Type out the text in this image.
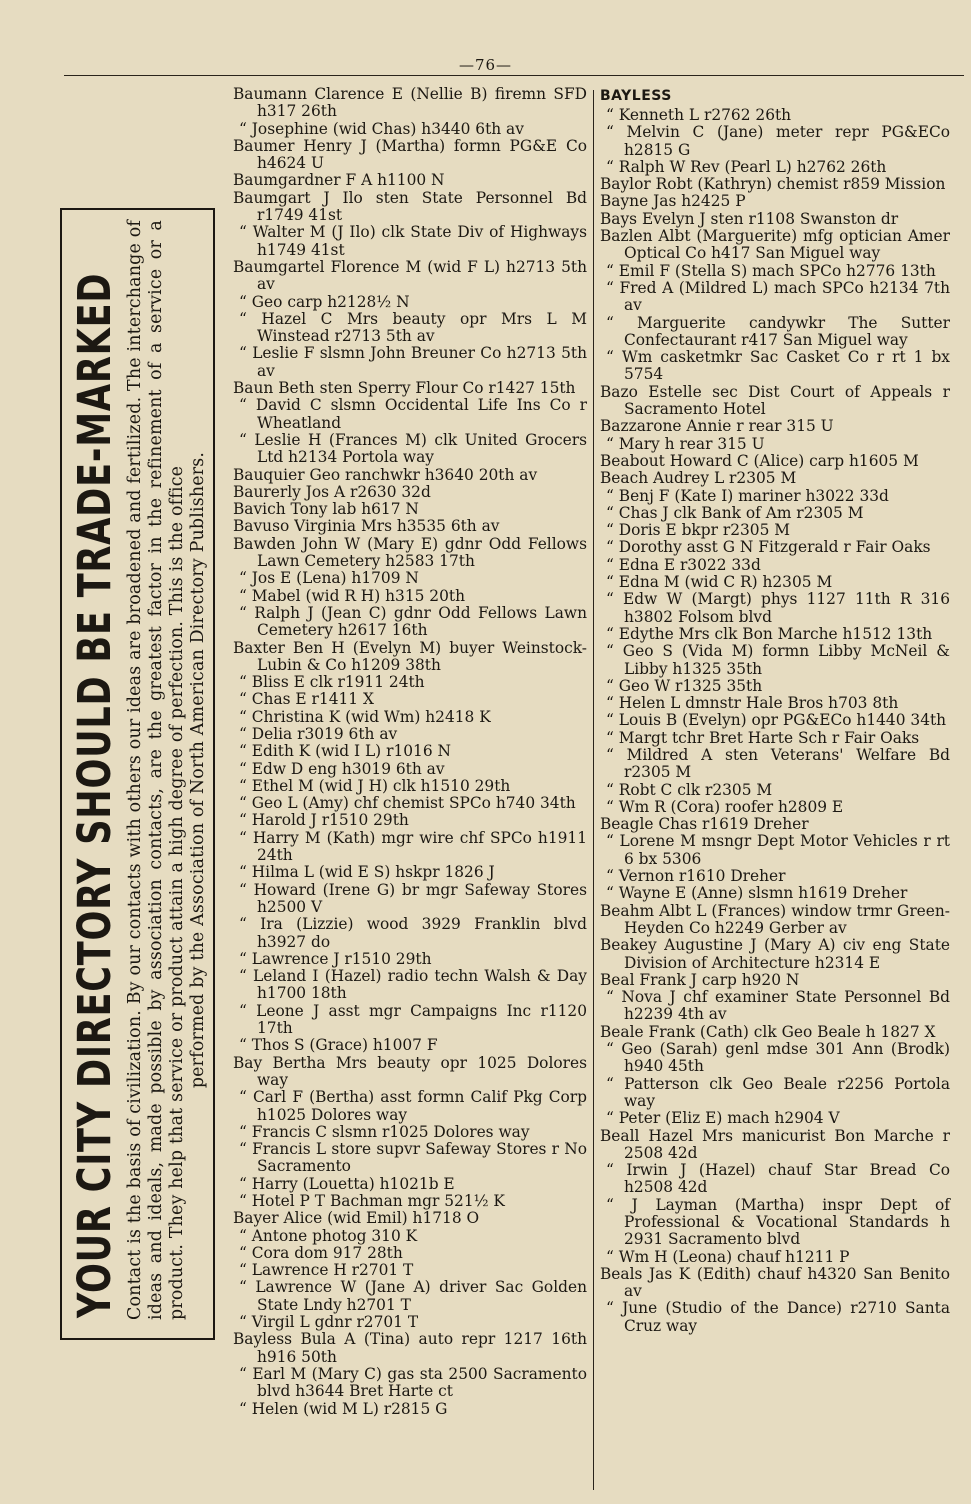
—76—
YOUR CITY DIRECTORY SHOULD BE TRADE-MARKED Contact is the basis of civilization. By our contacts with others our ideas are broadened and fertilized. The interchange of ideas and ideals, made possible by association contacts, are the greatest factor in the refinement of a service or a product. They help that service or product attain a high degree of perfection. This is the office performed by the Association of North American Directory Publishers.
Baumann Clarence E (Nellie B) firemn SFD h317 26th
“ Josephine (wid Chas) h3440 6th av
Baumer Henry J (Martha) formn PG&E Co h4624 U
Baumgardner F A h1100 N
Baumgart J Ilo sten State Personnel Bd r1749 41st
“ Walter M (J Ilo) clk State Div of Highways h1749 41st
Baumgartel Florence M (wid F L) h2713 5th av
“ Geo carp h2128½ N
“ Hazel C Mrs beauty opr Mrs L M Winstead r2713 5th av
“ Leslie F slsmn John Breuner Co h2713 5th av
Baun Beth sten Sperry Flour Co r1427 15th
“ David C slsmn Occidental Life Ins Co r Wheatland
“ Leslie H (Frances M) clk United Grocers Ltd h2134 Portola way
Bauquier Geo ranchwkr h3640 20th av
Baurerly Jos A r2630 32d
Bavich Tony lab h617 N
Bavuso Virginia Mrs h3535 6th av
Bawden John W (Mary E) gdnr Odd Fellows Lawn Cemetery h2583 17th
“ Jos E (Lena) h1709 N
“ Mabel (wid R H) h315 20th
“ Ralph J (Jean C) gdnr Odd Fellows Lawn Cemetery h2617 16th
Baxter Ben H (Evelyn M) buyer Weinstock-Lubin & Co h1209 38th
“ Bliss E clk r1911 24th
“ Chas E r1411 X
“ Christina K (wid Wm) h2418 K
“ Delia r3019 6th av
“ Edith K (wid I L) r1016 N
“ Edw D eng h3019 6th av
“ Ethel M (wid J H) clk h1510 29th
“ Geo L (Amy) chf chemist SPCo h740 34th
“ Harold J r1510 29th
“ Harry M (Kath) mgr wire chf SPCo h1911 24th
“ Hilma L (wid E S) hskpr 1826 J
“ Howard (Irene G) br mgr Safeway Stores h2500 V
“ Ira (Lizzie) wood 3929 Franklin blvd h3927 do
“ Lawrence J r1510 29th
“ Leland I (Hazel) radio techn Walsh & Day h1700 18th
“ Leone J asst mgr Campaigns Inc r1120 17th
“ Thos S (Grace) h1007 F
Bay Bertha Mrs beauty opr 1025 Dolores way
“ Carl F (Bertha) asst formn Calif Pkg Corp h1025 Dolores way
“ Francis C slsmn r1025 Dolores way
“ Francis L store supvr Safeway Stores r No Sacramento
“ Harry (Louetta) h1021b E
“ Hotel P T Bachman mgr 521½ K
Bayer Alice (wid Emil) h1718 O
“ Antone photog 310 K
“ Cora dom 917 28th
“ Lawrence H r2701 T
“ Lawrence W (Jane A) driver Sac Golden State Lndy h2701 T
“ Virgil L gdnr r2701 T
Bayless Bula A (Tina) auto repr 1217 16th h916 50th
“ Earl M (Mary C) gas sta 2500 Sacramento blvd h3644 Bret Harte ct
“ Helen (wid M L) r2815 G
BAYLESS
“ Kenneth L r2762 26th
“ Melvin C (Jane) meter repr PG&ECo h2815 G
“ Ralph W Rev (Pearl L) h2762 26th
Baylor Robt (Kathryn) chemist r859 Mission
Bayne Jas h2425 P
Bays Evelyn J sten r1108 Swanston dr
Bazlen Albt (Marguerite) mfg optician Amer Optical Co h417 San Miguel way
“ Emil F (Stella S) mach SPCo h2776 13th
“ Fred A (Mildred L) mach SPCo h2134 7th av
“ Marguerite candywkr The Sutter Confectaurant r417 San Miguel way
“ Wm casketmkr Sac Casket Co r rt 1 bx 5754
Bazo Estelle sec Dist Court of Appeals r Sacramento Hotel
Bazzarone Annie r rear 315 U
“ Mary h rear 315 U
Beabout Howard C (Alice) carp h1605 M
Beach Audrey L r2305 M
“ Benj F (Kate I) mariner h3022 33d
“ Chas J clk Bank of Am r2305 M
“ Doris E bkpr r2305 M
“ Dorothy asst G N Fitzgerald r Fair Oaks
“ Edna E r3022 33d
“ Edna M (wid C R) h2305 M
“ Edw W (Margt) phys 1127 11th R 316 h3802 Folsom blvd
“ Edythe Mrs clk Bon Marche h1512 13th
“ Geo S (Vida M) formn Libby McNeil & Libby h1325 35th
“ Geo W r1325 35th
“ Helen L dmnstr Hale Bros h703 8th
“ Louis B (Evelyn) opr PG&ECo h1440 34th
“ Margt tchr Bret Harte Sch r Fair Oaks
“ Mildred A sten Veterans' Welfare Bd r2305 M
“ Robt C clk r2305 M
“ Wm R (Cora) roofer h2809 E
Beagle Chas r1619 Dreher
“ Lorene M msngr Dept Motor Vehicles r rt 6 bx 5306
“ Vernon r1610 Dreher
“ Wayne E (Anne) slsmn h1619 Dreher
Beahm Albt L (Frances) window trmr Green-Heyden Co h2249 Gerber av
Beakey Augustine J (Mary A) civ eng State Division of Architecture h2314 E
Beal Frank J carp h920 N
“ Nova J chf examiner State Personnel Bd h2239 4th av
Beale Frank (Cath) clk Geo Beale h 1827 X
“ Geo (Sarah) genl mdse 301 Ann (Brodk) h940 45th
“ Patterson clk Geo Beale r2256 Portola way
“ Peter (Eliz E) mach h2904 V
Beall Hazel Mrs manicurist Bon Marche r 2508 42d
“ Irwin J (Hazel) chauf Star Bread Co h2508 42d
“ J Layman (Martha) inspr Dept of Professional & Vocational Standards h 2931 Sacramento blvd
“ Wm H (Leona) chauf h1211 P
Beals Jas K (Edith) chauf h4320 San Benito av
“ June (Studio of the Dance) r2710 Santa Cruz way
